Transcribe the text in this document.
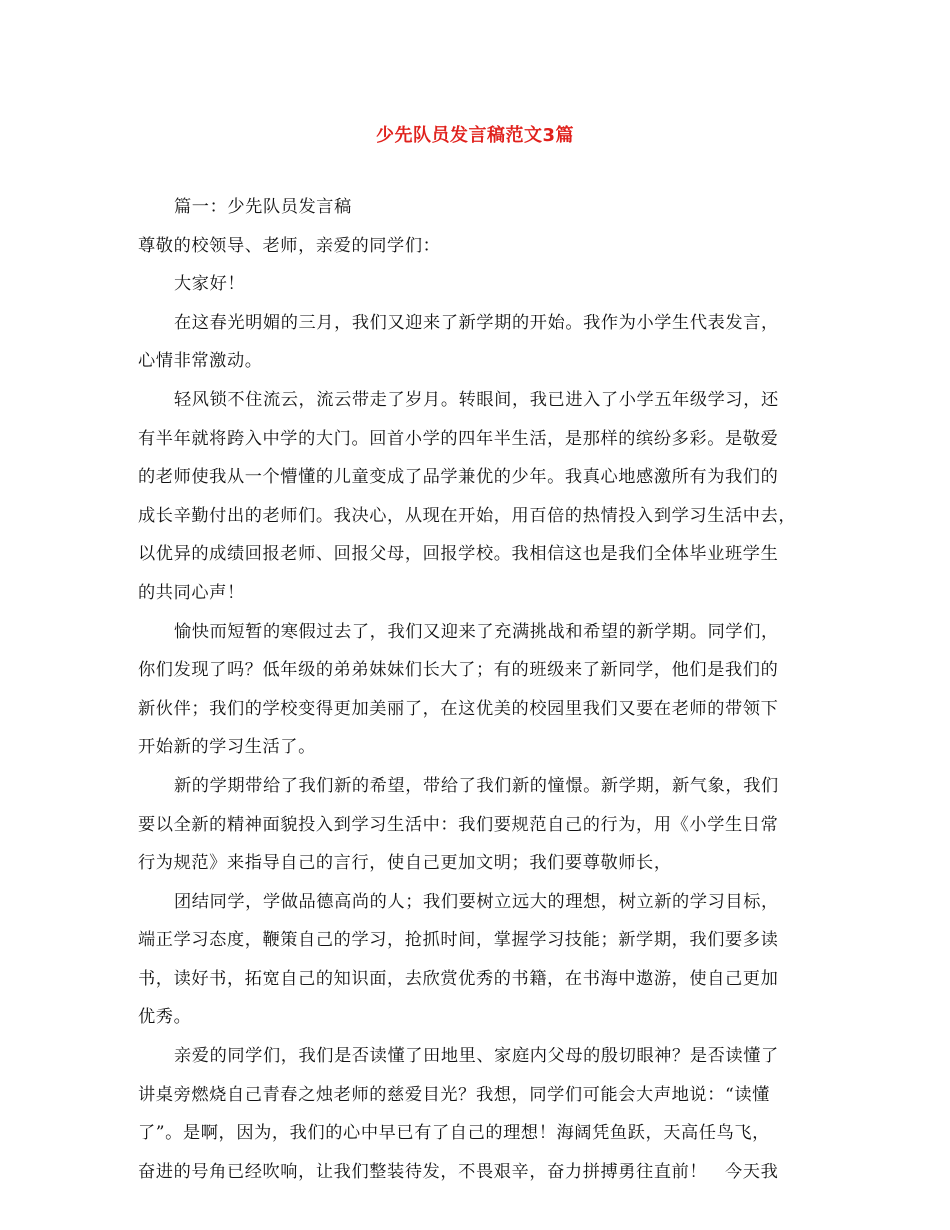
少先队员发言稿范文3篇
篇一：少先队员发言稿
尊敬的校领导、老师，亲爱的同学们：
大家好！
在这春光明媚的三月，我们又迎来了新学期的开始。我作为小学生代表发言，
心情非常激动。
轻风锁不住流云，流云带走了岁月。转眼间，我已进入了小学五年级学习，还
有半年就将跨入中学的大门。回首小学的四年半生活，是那样的缤纷多彩。是敬爱
的老师使我从一个懵懂的儿童变成了品学兼优的少年。我真心地感激所有为我们的
成长辛勤付出的老师们。我决心，从现在开始，用百倍的热情投入到学习生活中去，
以优异的成绩回报老师、回报父母，回报学校。我相信这也是我们全体毕业班学生
的共同心声！
愉快而短暂的寒假过去了，我们又迎来了充满挑战和希望的新学期。同学们，
你们发现了吗？低年级的弟弟妹妹们长大了；有的班级来了新同学，他们是我们的
新伙伴；我们的学校变得更加美丽了，在这优美的校园里我们又要在老师的带领下
开始新的学习生活了。
新的学期带给了我们新的希望，带给了我们新的憧憬。新学期，新气象，我们
要以全新的精神面貌投入到学习生活中：我们要规范自己的行为，用《小学生日常
行为规范》来指导自己的言行，使自己更加文明；我们要尊敬师长，
团结同学，学做品德高尚的人；我们要树立远大的理想，树立新的学习目标，
端正学习态度，鞭策自己的学习，抢抓时间，掌握学习技能；新学期，我们要多读
书，读好书，拓宽自己的知识面，去欣赏优秀的书籍，在书海中遨游，使自己更加
优秀。
亲爱的同学们，我们是否读懂了田地里、家庭内父母的殷切眼神？是否读懂了
讲桌旁燃烧自己青春之烛老师的慈爱目光？我想，同学们可能会大声地说：“读懂
了”。是啊，因为，我们的心中早已有了自己的理想！海阔凭鱼跃，天高任鸟飞，
奋进的号角已经吹响，让我们整装待发，不畏艰辛，奋力拼搏勇往直前！　今天我
